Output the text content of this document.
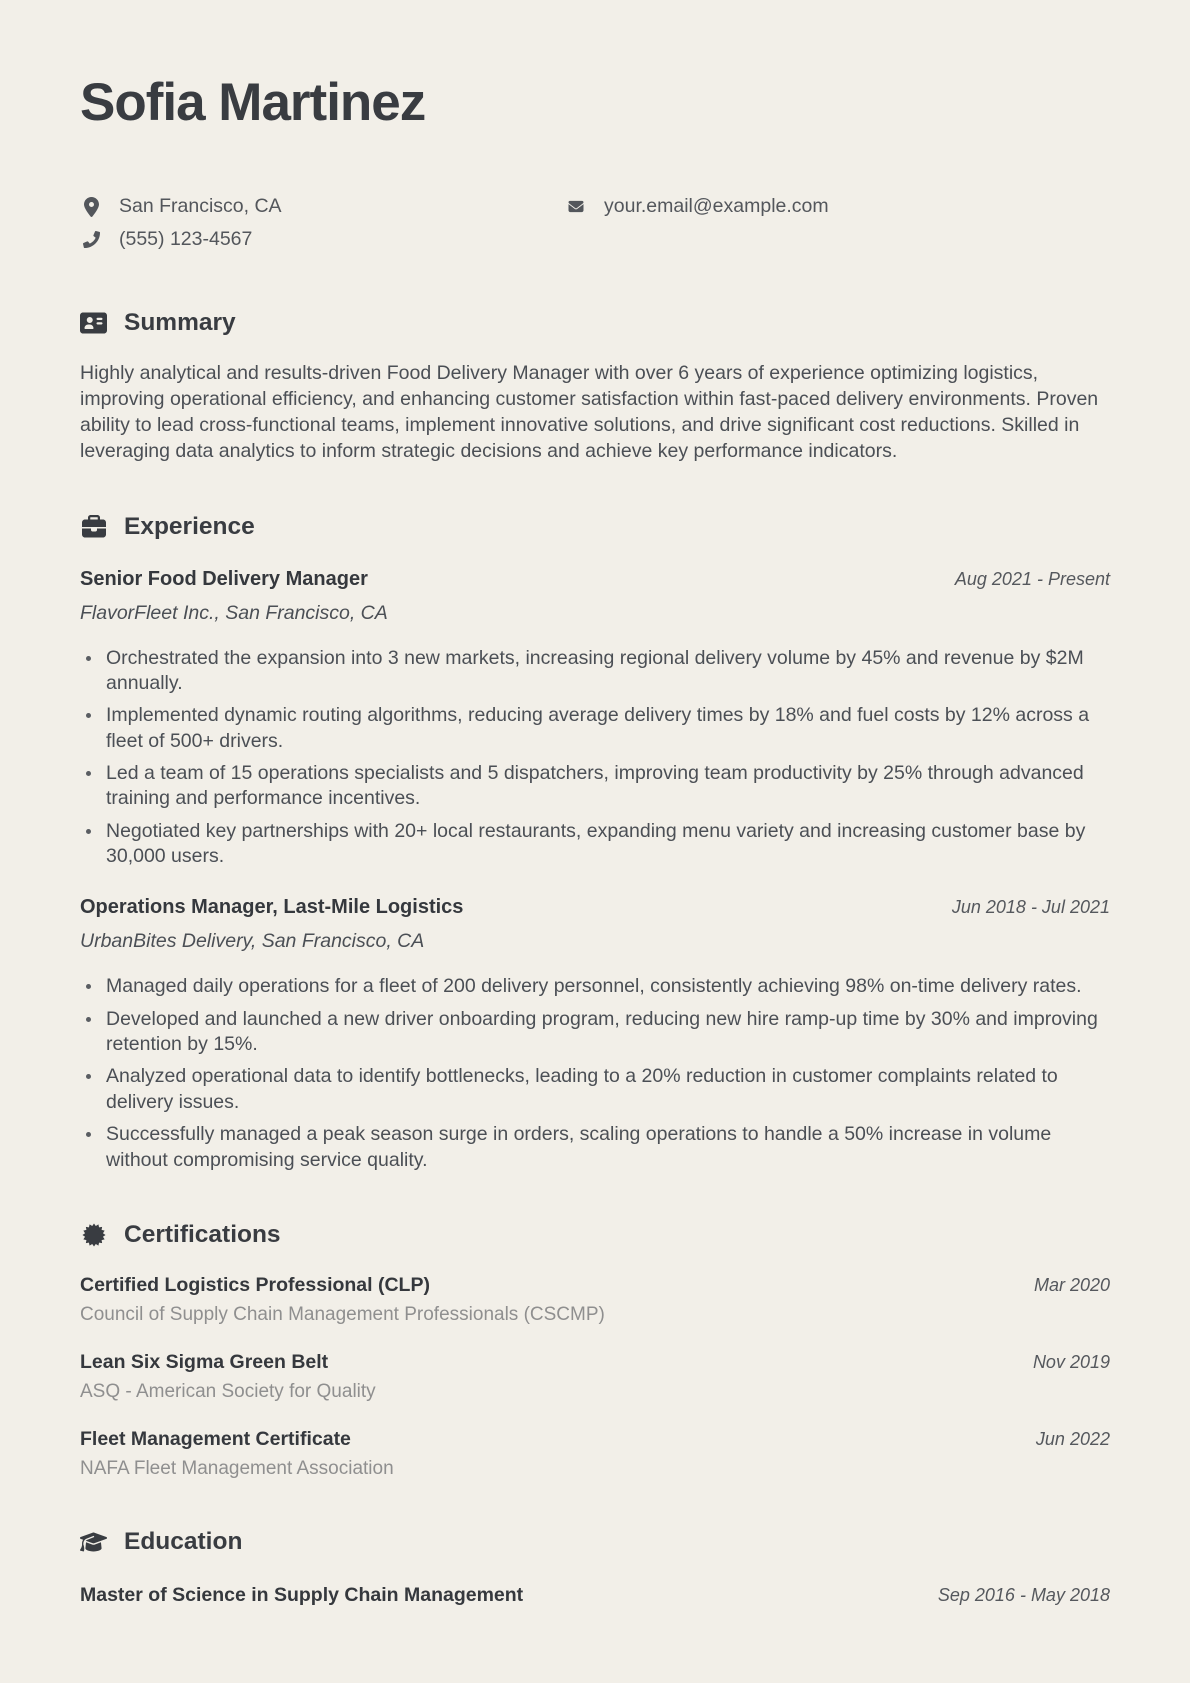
Sofia Martinez
San Francisco, CA
(555) 123-4567
your.email@example.com
Summary

Highly analytical and results-driven Food Delivery Manager with over 6 years of experience optimizing logistics, improving operational efficiency, and enhancing customer satisfaction within fast-paced delivery environments. Proven ability to lead cross-functional teams, implement innovative solutions, and drive significant cost reductions. Skilled in leveraging data analytics to inform strategic decisions and achieve key performance indicators.

Experience
Senior Food Delivery Manager	Aug 2021 - Present
FlavorFleet Inc., San Francisco, CA
Orchestrated the expansion into 3 new markets, increasing regional delivery volume by 45% and revenue by $2M annually.
Implemented dynamic routing algorithms, reducing average delivery times by 18% and fuel costs by 12% across a fleet of 500+ drivers.
Led a team of 15 operations specialists and 5 dispatchers, improving team productivity by 25% through advanced training and performance incentives.
Negotiated key partnerships with 20+ local restaurants, expanding menu variety and increasing customer base by 30,000 users.
Operations Manager, Last-Mile Logistics	Jun 2018 - Jul 2021
UrbanBites Delivery, San Francisco, CA
Managed daily operations for a fleet of 200 delivery personnel, consistently achieving 98% on-time delivery rates.
Developed and launched a new driver onboarding program, reducing new hire ramp-up time by 30% and improving retention by 15%.
Analyzed operational data to identify bottlenecks, leading to a 20% reduction in customer complaints related to delivery issues.
Successfully managed a peak season surge in orders, scaling operations to handle a 50% increase in volume without compromising service quality.
Certifications
Certified Logistics Professional (CLP)	Mar 2020
Council of Supply Chain Management Professionals (CSCMP)
Lean Six Sigma Green Belt	Nov 2019
ASQ - American Society for Quality
Fleet Management Certificate	Jun 2022
NAFA Fleet Management Association
Education
Master of Science in Supply Chain Management	Sep 2016 - May 2018
